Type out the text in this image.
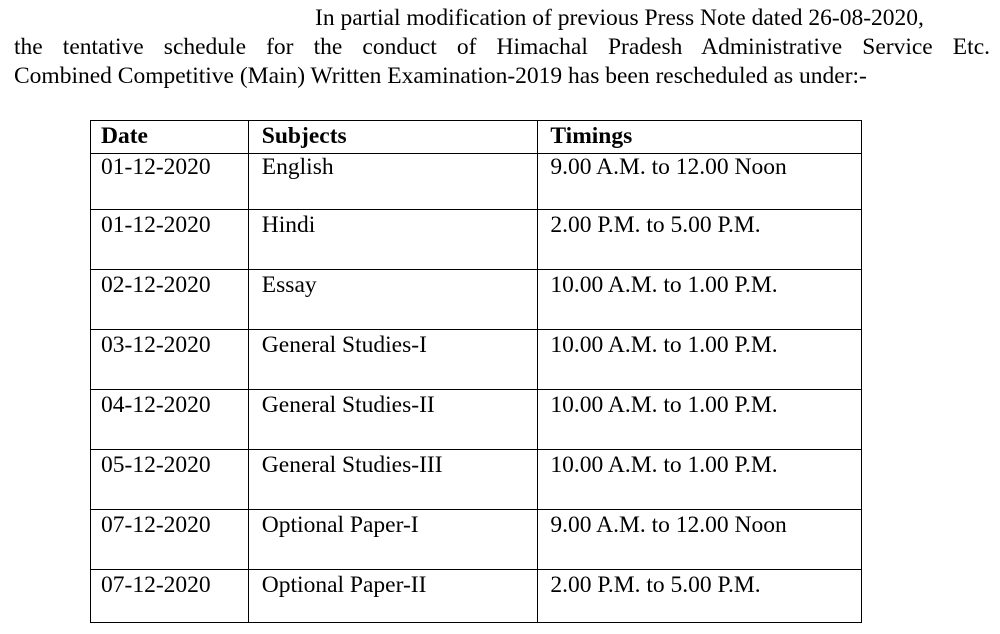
In partial modification of previous Press Note dated 26-08-2020,
the tentative schedule for the conduct of Himachal Pradesh Administrative Service Etc.
Combined Competitive (Main) Written Examination-2019 has been rescheduled as under:-
Date	Subjects	Timings
01-12-2020	English	9.00 A.M. to 12.00 Noon
01-12-2020	Hindi	2.00 P.M. to 5.00 P.M.
02-12-2020	Essay	10.00 A.M. to 1.00 P.M.
03-12-2020	General Studies-I	10.00 A.M. to 1.00 P.M.
04-12-2020	General Studies-II	10.00 A.M. to 1.00 P.M.
05-12-2020	General Studies-III	10.00 A.M. to 1.00 P.M.
07-12-2020	Optional Paper-I	9.00 A.M. to 12.00 Noon
07-12-2020	Optional Paper-II	2.00 P.M. to 5.00 P.M.
